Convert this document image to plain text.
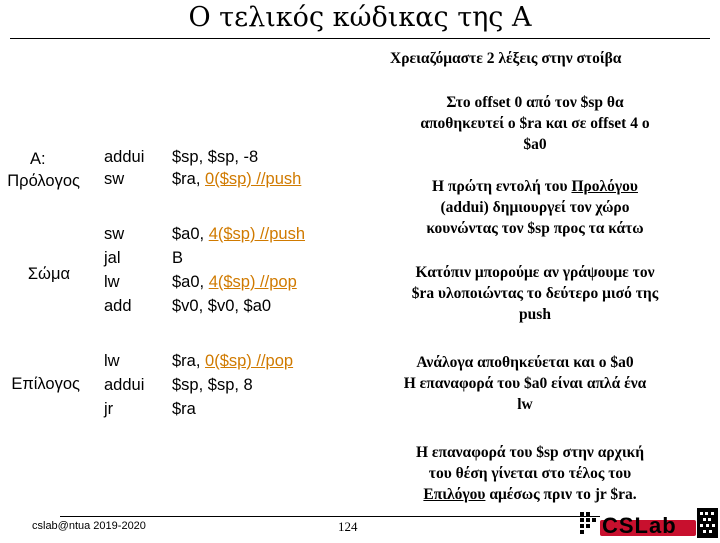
Ο τελικός κώδικας της A
Χρειαζόμαστε 2 λέξεις στην στοίβα
A:
Πρόλογος
Σώμα
Επίλογος
addui
sw
$sp, $sp, -8
$ra, 0($sp) //push
sw
jal
lw
add
$a0, 4($sp) //push
B
$a0, 4($sp) //pop
$v0, $v0, $a0
lw
addui
jr
$ra, 0($sp) //pop
$sp, $sp, 8
$ra
Στο offset 0 από τον $sp θα
αποθηκευτεί ο $ra και σε offset 4 ο
$a0
Η πρώτη εντολή του Προλόγου
(addui) δημιουργεί τον χώρο
κουνώντας τον $sp προς τα κάτω
Κατόπιν μπορούμε αν γράψουμε τον
$ra υλοποιώντας το δεύτερο μισό της
push
Ανάλογα αποθηκεύεται και ο $a0
Η επαναφορά του $a0 είναι απλά ένα
lw
Η επαναφορά του $sp στην αρχική
του θέση γίνεται στο τέλος του
Επιλόγου αμέσως πριν το jr $ra.
cslab@ntua 2019-2020	124	CSLab
